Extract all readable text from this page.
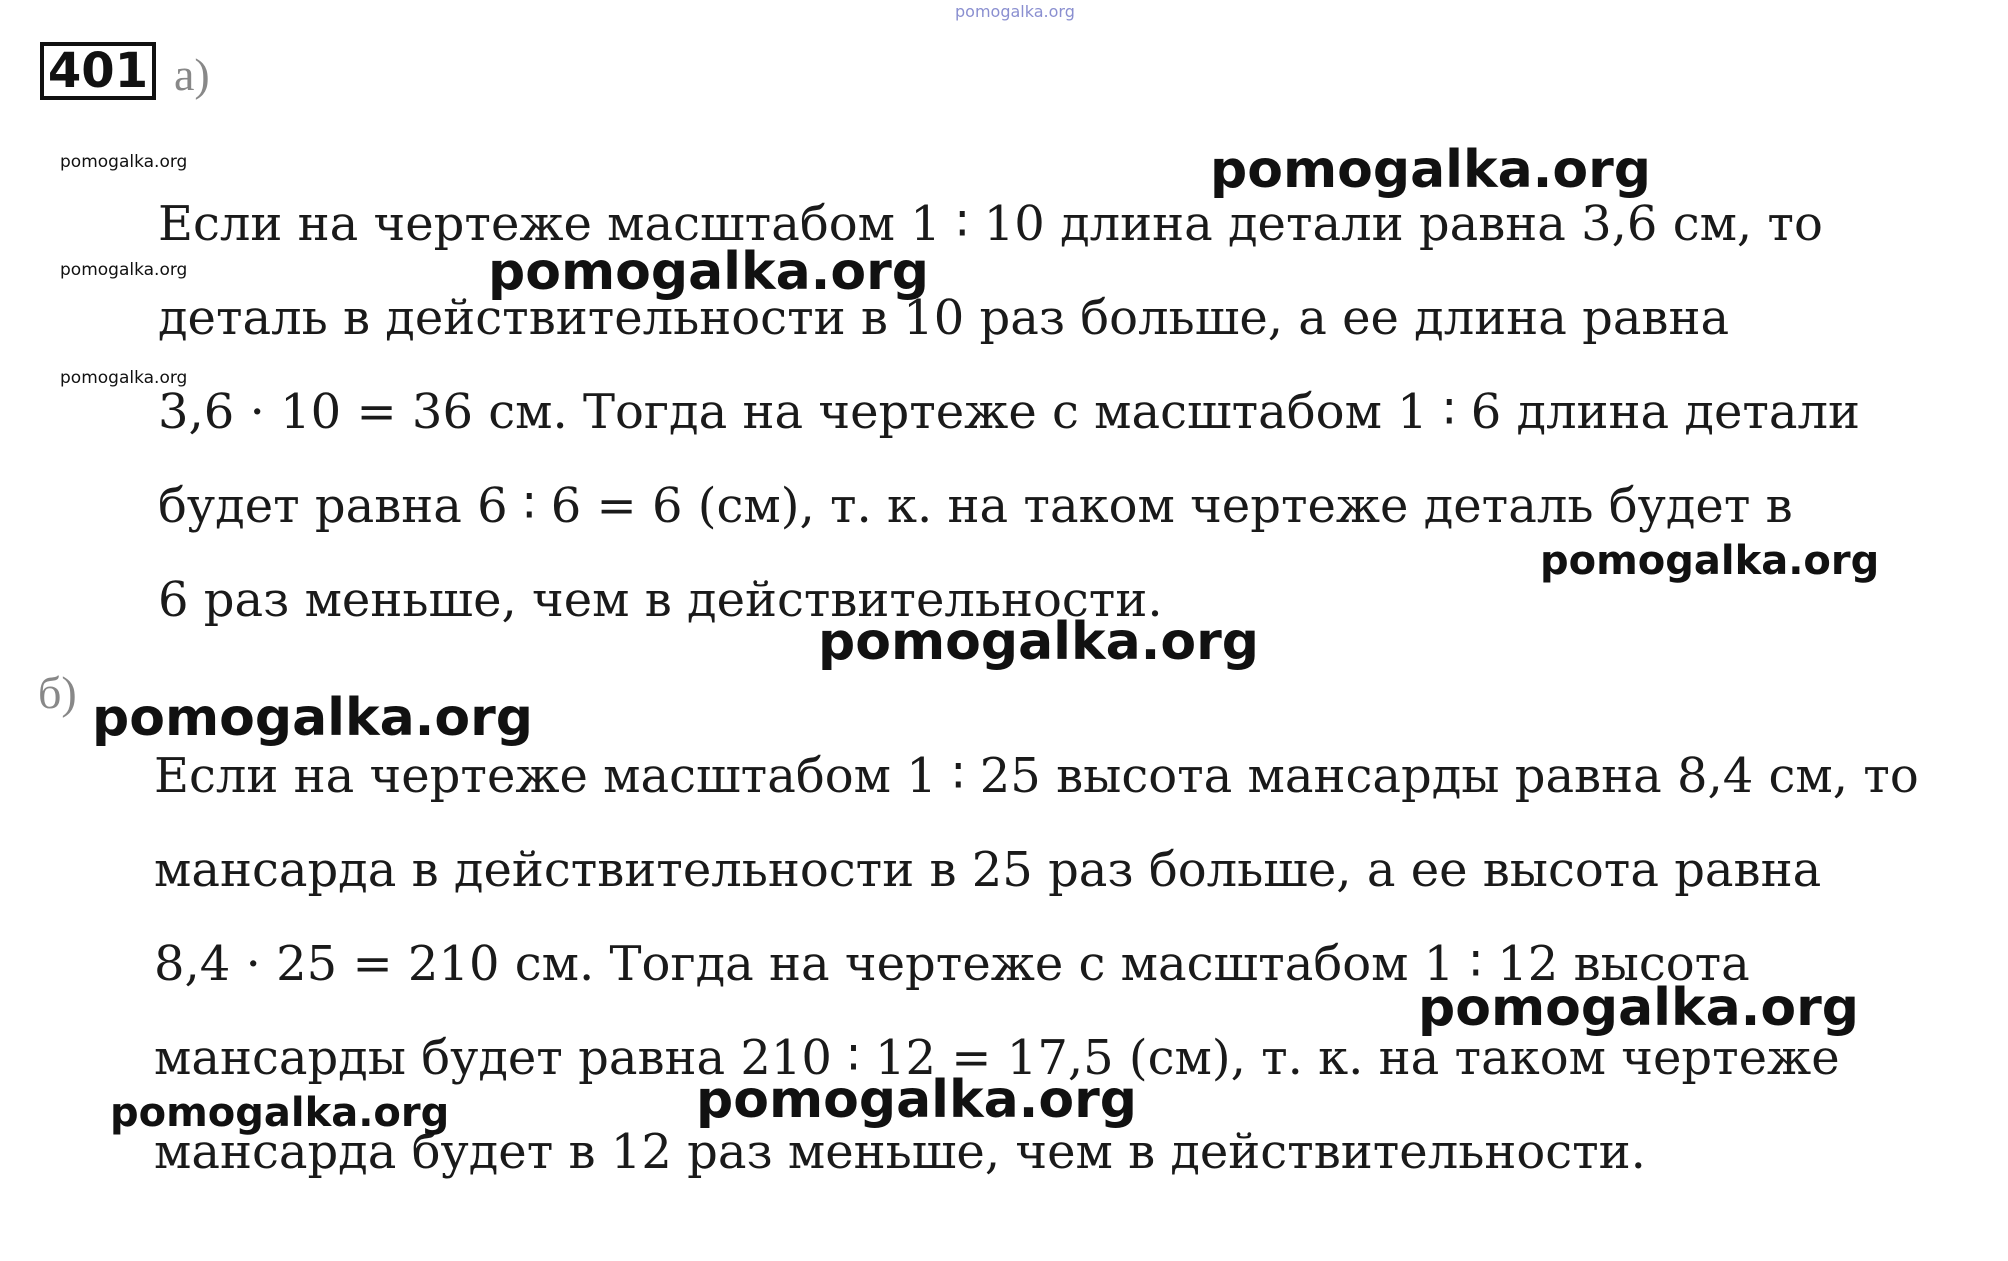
pomogalka.org
401 а)
Если на чертеже масштабом 1 ∶ 10 длина детали равна 3,6 см, то
деталь в действительности в 10 раз больше, а ее длина равна
3,6 · 10 = 36 см. Тогда на чертеже с масштабом 1 ∶ 6 длина детали
будет равна 6 ∶ 6 = 6 (см), т. к. на таком чертеже деталь будет в
6 раз меньше, чем в действительности.
б)
Если на чертеже масштабом 1 ∶ 25 высота мансарды равна 8,4 см, то
мансарда в действительности в 25 раз больше, а ее высота равна
8,4 · 25 = 210 см. Тогда на чертеже с масштабом 1 ∶ 12 высота
мансарды будет равна 210 ∶ 12 = 17,5 (см), т. к. на таком чертеже
мансарда будет в 12 раз меньше, чем в действительности.
pomogalka.org
pomogalka.org
pomogalka.org
pomogalka.org
pomogalka.org
pomogalka.org
pomogalka.org
pomogalka.org
pomogalka.org
pomogalka.org
pomogalka.org
